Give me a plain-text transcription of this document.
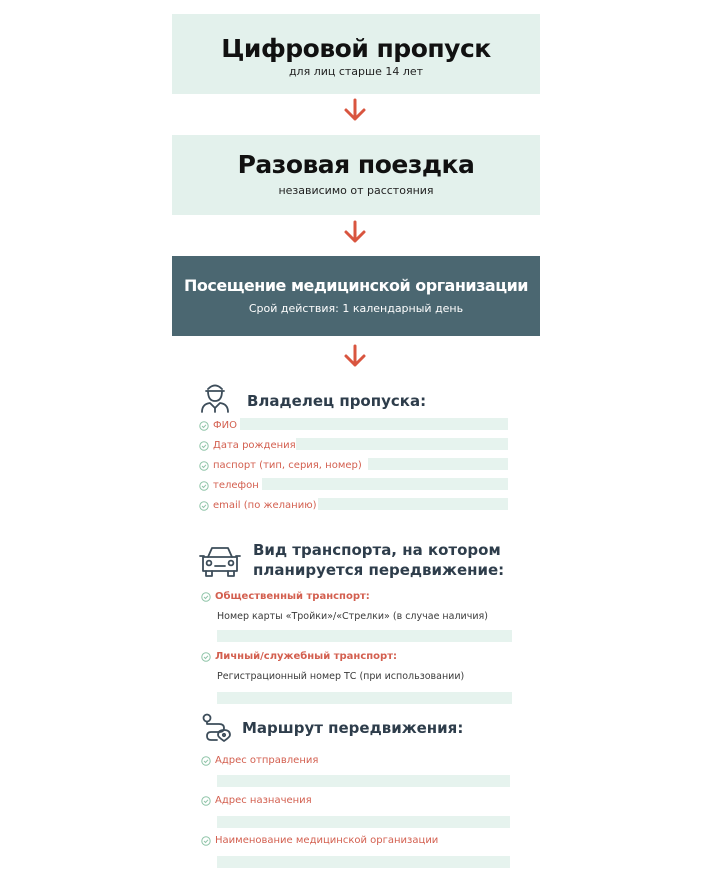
Цифровой пропуск
для лиц старше 14 лет
Разовая поездка
независимо от расстояния
Посещение медицинской организации
Срой действия: 1 календарный день
Владелец пропуска:
ФИО
Дата рождения
паспорт (тип, серия, номер)
телефон
email (по желанию)
Вид транспорта, на котором
планируется передвижение:
Общественный транспорт:
Номер карты «Тройки»/«Стрелки» (в случае наличия)
Личный/служебный транспорт:
Регистрационный номер ТС (при использовании)
Маршрут передвижения:
Адрес отправления
Адрес назначения
Наименование медицинской организации
